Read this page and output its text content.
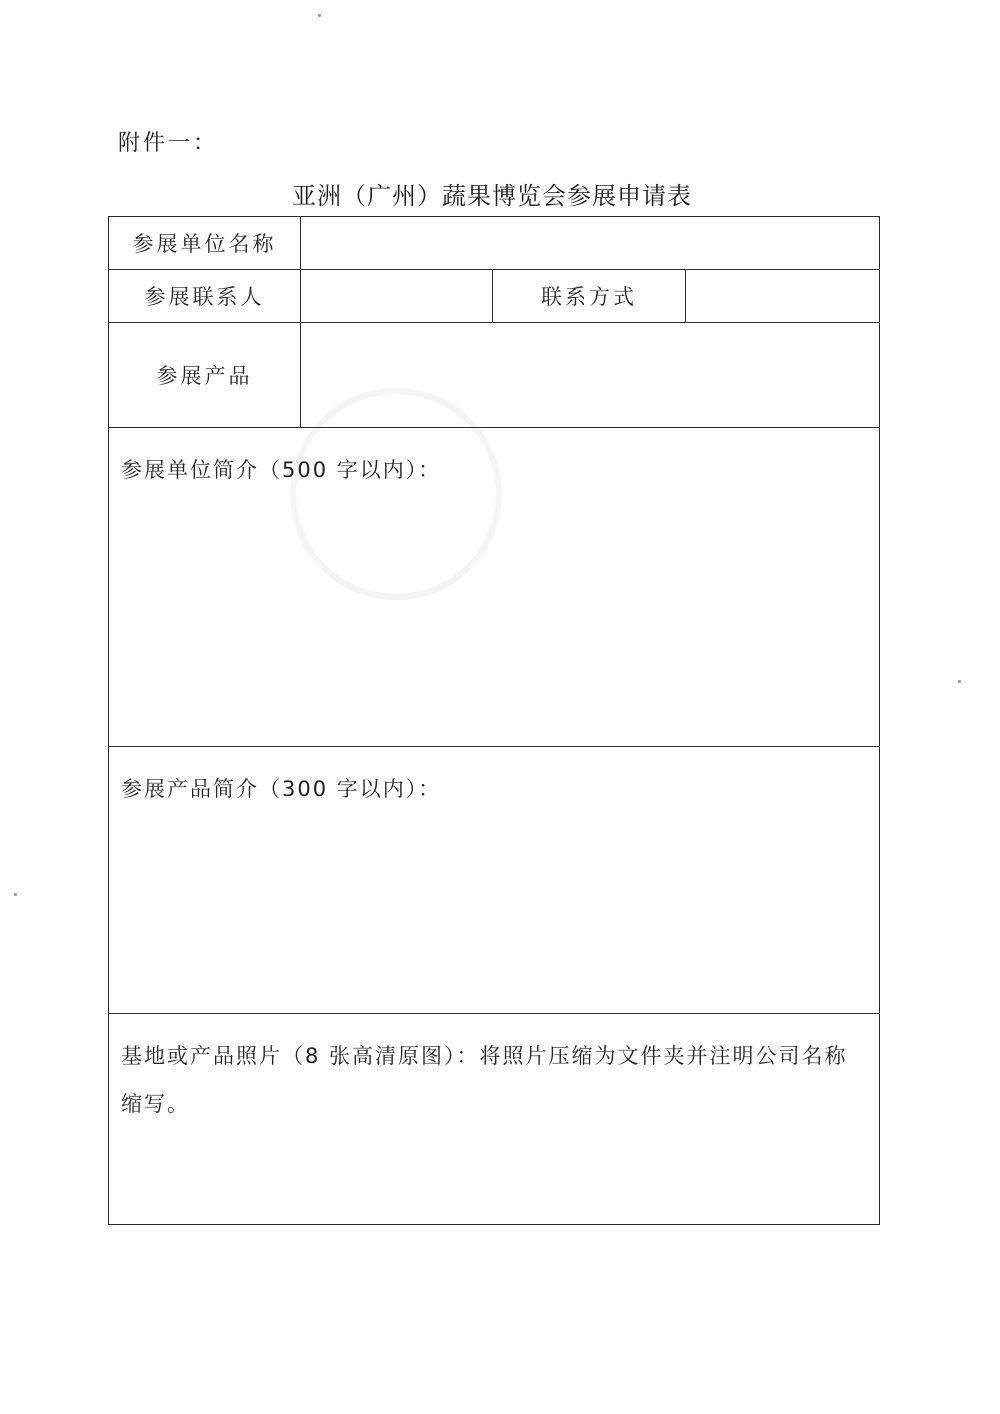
附件一：
亚洲（广州）蔬果博览会参展申请表
参展单位名称			
参展联系人		联系方式	
参展产品			
参展单位简介（500 字以内）：			
参展产品简介（300 字以内）：			
基地或产品照片（8 张高清原图）：将照片压缩为文件夹并注明公司名称缩写。			
